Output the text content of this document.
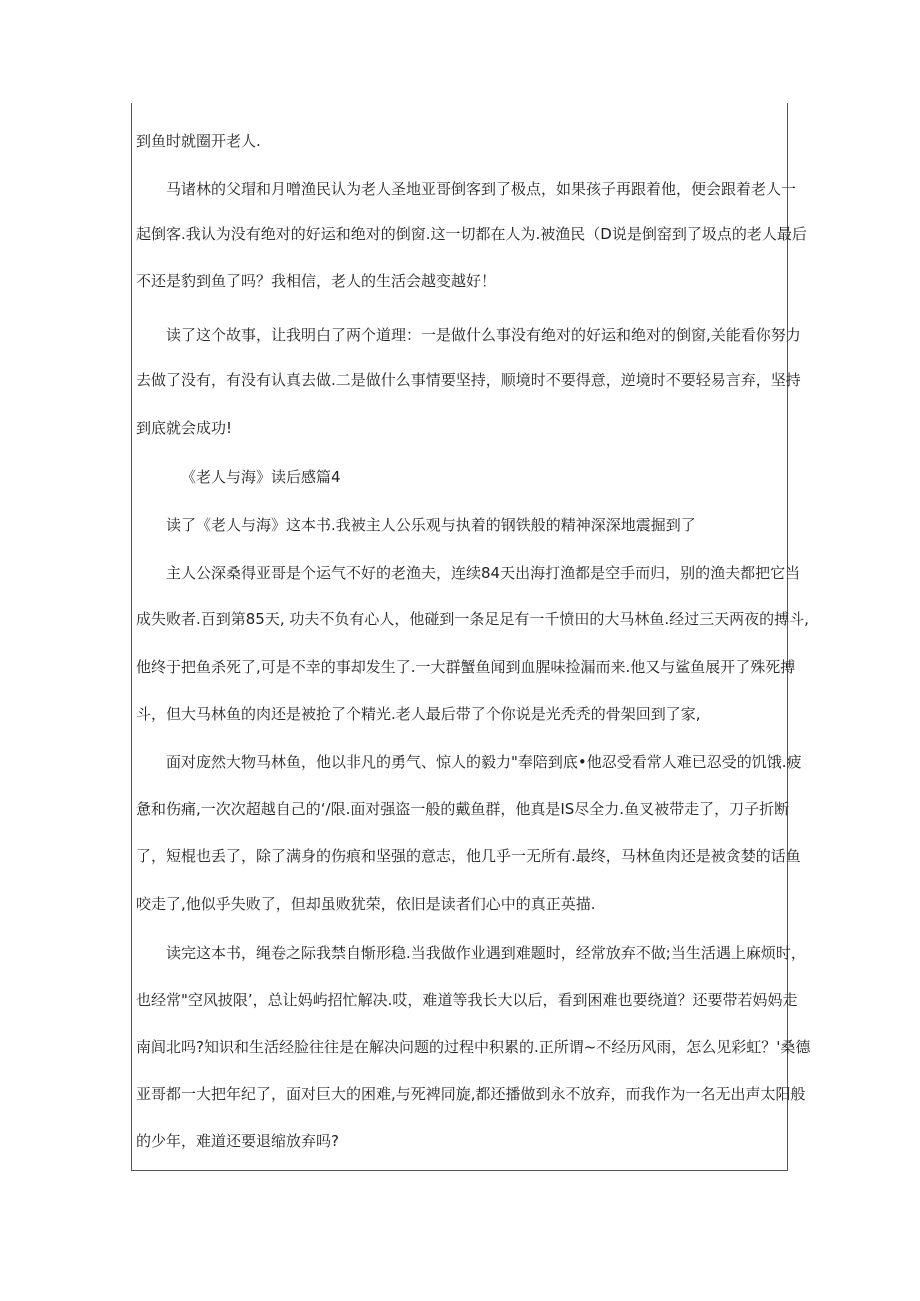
到鱼时就圈开老人.
马诸林的父瑁和月噌渔民认为老人圣地亚哥倒客到了极点，如果孩子再跟着他，便会跟着老人一
起倒客.我认为没有绝对的好运和绝对的倒窗.这一切都在人为.被渔民（D说是倒窑到了圾点的老人最后
不还是豹到鱼了吗？我相信，老人的生活会越变越好！
读了这个故事，让我明白了两个道理：一是做什么事没有绝对的好运和绝对的倒窗,关能看你努力
去做了没有，有没有认真去做.二是做什么事情要坚持，顺境时不要得意，逆境时不要轻易言弃，坚持
到底就会成功!
《老人与海》读后感篇4
读了《老人与海》这本书.我被主人公乐观与执着的钢铁般的精神深深地震掘到了
主人公深桑得亚哥是个运气不好的老渔夫，连续84天出海打渔都是空手而归，别的渔夫都把它当
成失败者.百到第85天, 功夫不负有心人，他碰到一条足足有一千愤田的大马林鱼.经过三天两夜的搏斗,
他终于把鱼杀死了,可是不幸的事却发生了.一大群蟹鱼闻到血腥味捡漏而来.他又与鲨鱼展开了殊死搏
斗，但大马林鱼的肉还是被抢了个精光.老人最后带了个你说是光秃秃的骨架回到了家,
面对庞然大物马林鱼，他以非凡的勇气、惊人的毅力"奉陪到底•他忍受看常人难已忍受的饥饿.疲
惫和伤痛,一次次超越自己的‘/限.面对强盗一般的戴鱼群，他真是IS尽全力.鱼叉被带走了，刀子折断
了，短棍也丢了，除了满身的伤痕和坚强的意志，他几乎一无所有.最终，马林鱼肉还是被贪婪的话鱼
咬走了,他似乎失败了，但却虽败犹荣，依旧是读者们心中的真正英描.
读完这本书，绳卷之际我禁自惭形稳.当我做作业遇到难题时，经常放弃不做;当生活遇上麻烦时，
也经常"空风披限’，总让妈屿招忙解决.哎，难道等我长大以后，看到困难也要绕道？还要带若妈妈走
南闾北吗?知识和生活经脸往往是在解决问题的过程中积累的.正所谓~不经历风雨，怎么见彩虹？'桑德
亚哥都一大把年纪了，面对巨大的困难,与死裨同旋,都还播做到永不放弃，而我作为一名无出声太阳般
的少年，难道还要退缩放弃吗?
